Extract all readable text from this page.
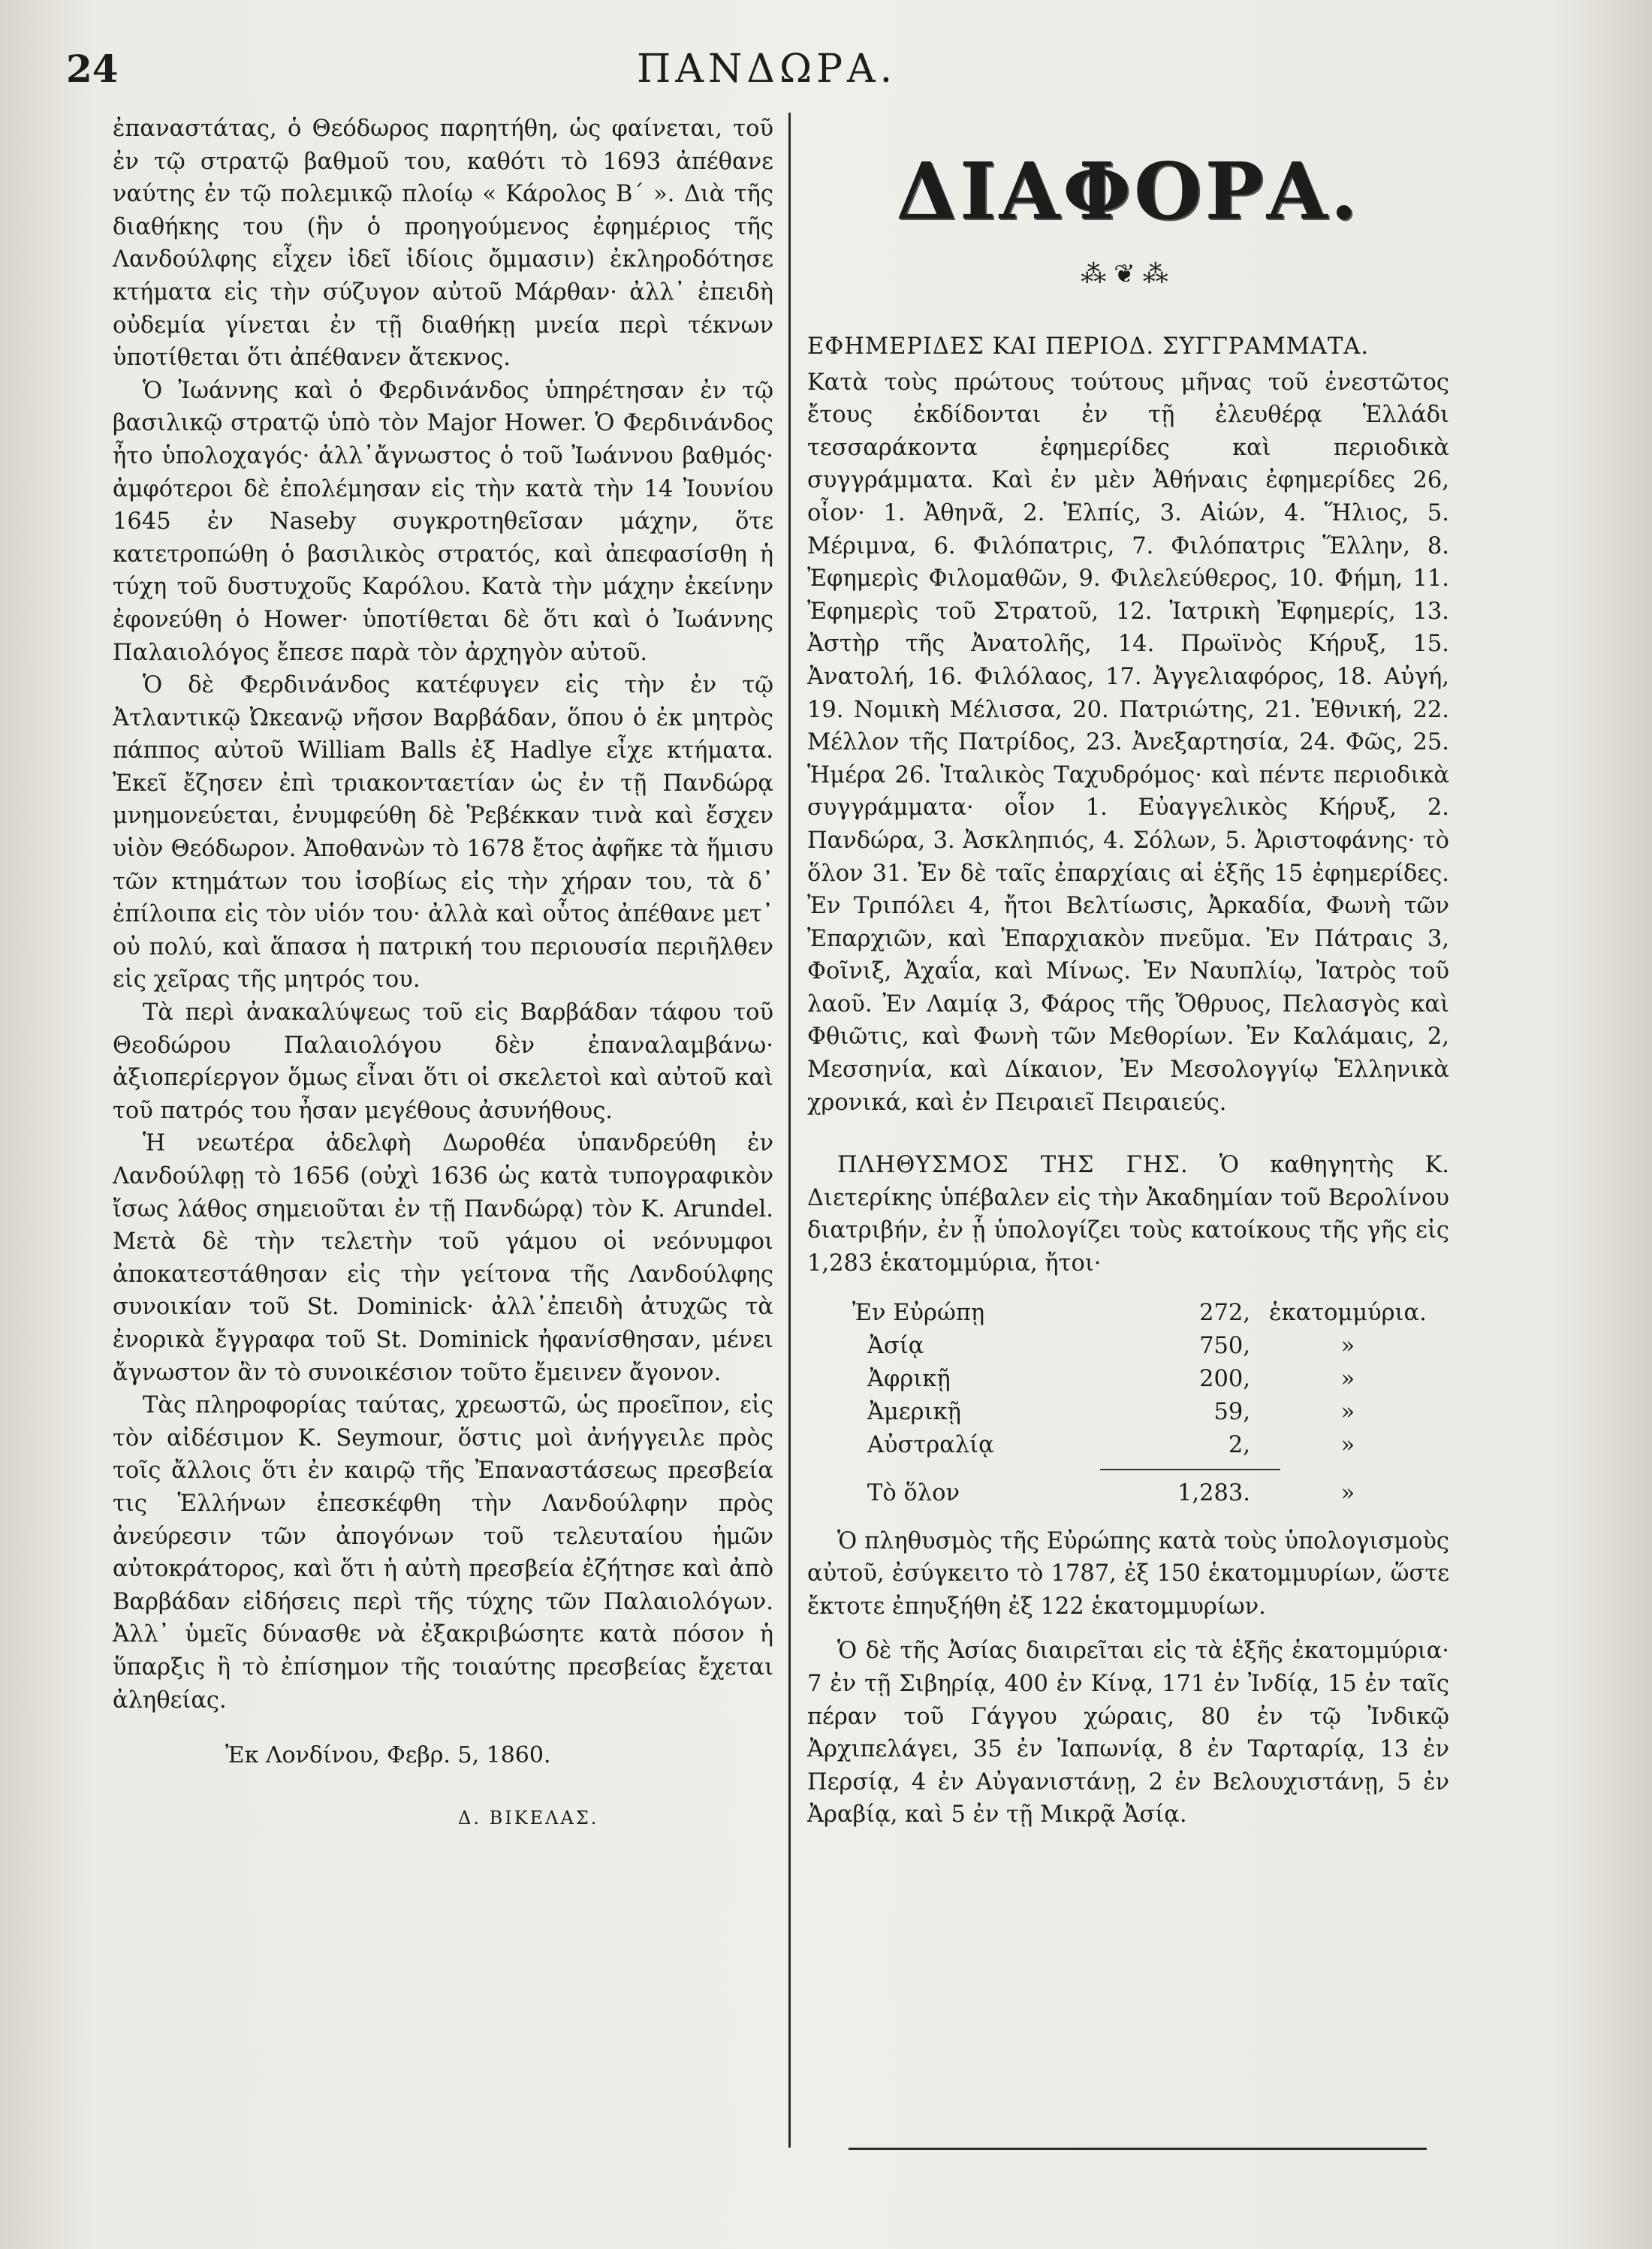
24	ΠΑΝΔΩΡΑ.

ἐπαναστάτας, ὁ Θεόδωρος παρητήθη, ὡς φαίνεται, τοῦ ἐν τῷ στρατῷ βαθμοῦ του, καθότι τὸ 1693 ἀπέθανε ναύτης ἐν τῷ πολεμικῷ πλοίῳ « Κάρολος Β΄ ». Διὰ τῆς διαθήκης του (ἣν ὁ προηγούμενος ἐφημέριος τῆς Λανδούλφης εἶχεν ἰδεῖ ἰδίοις ὄμμασιν) ἐκληροδότησε κτήματα εἰς τὴν σύζυγον αὐτοῦ Μάρθαν· ἀλλ᾽ ἐπειδὴ οὐδεμία γίνεται ἐν τῇ διαθήκῃ μνεία περὶ τέκνων ὑποτίθεται ὅτι ἀπέθανεν ἄτεκνος.

Ὁ Ἰωάννης καὶ ὁ Φερδινάνδος ὑπηρέτησαν ἐν τῷ βασιλικῷ στρατῷ ὑπὸ τὸν Major Hower. Ὁ Φερδινάνδος ἦτο ὑπολοχαγός· ἀλλ᾽ἄγνωστος ὁ τοῦ Ἰωάννου βαθμός· ἀμφότεροι δὲ ἐπολέμησαν εἰς τὴν κατὰ τὴν 14 Ἰουνίου 1645 ἐν Naseby συγκροτηθεῖσαν μάχην, ὅτε κατετροπώθη ὁ βασιλικὸς στρατός, καὶ ἀπεφασίσθη ἡ τύχη τοῦ δυστυχοῦς Καρόλου. Κατὰ τὴν μάχην ἐκείνην ἐφονεύθη ὁ Hower· ὑποτίθεται δὲ ὅτι καὶ ὁ Ἰωάννης Παλαιολόγος ἔπεσε παρὰ τὸν ἀρχηγὸν αὐτοῦ.

Ὁ δὲ Φερδινάνδος κατέφυγεν εἰς τὴν ἐν τῷ Ἀτλαντικῷ Ὠκεανῷ νῆσον Βαρβάδαν, ὅπου ὁ ἐκ μητρὸς πάππος αὐτοῦ William Balls ἐξ Hadlye εἶχε κτήματα. Ἐκεῖ ἔζησεν ἐπὶ τριακονταετίαν ὡς ἐν τῇ Πανδώρᾳ μνημονεύεται, ἐνυμφεύθη δὲ Ῥεβέκκαν τινὰ καὶ ἔσχεν υἱὸν Θεόδωρον. Ἀποθανὼν τὸ 1678 ἔτος ἀφῆκε τὰ ἥμισυ τῶν κτημάτων του ἰσοβίως εἰς τὴν χήραν του, τὰ δ᾽ ἐπίλοιπα εἰς τὸν υἱόν του· ἀλλὰ καὶ οὗτος ἀπέθανε μετ᾽ οὐ πολύ, καὶ ἅπασα ἡ πατρική του περιουσία περιῆλθεν εἰς χεῖρας τῆς μητρός του.

Τὰ περὶ ἀνακαλύψεως τοῦ εἰς Βαρβάδαν τάφου τοῦ Θεοδώρου Παλαιολόγου δὲν ἐπαναλαμβάνω· ἀξιοπερίεργον ὅμως εἶναι ὅτι οἱ σκελετοὶ καὶ αὐτοῦ καὶ τοῦ πατρός του ἦσαν μεγέθους ἀσυνήθους.

Ἡ νεωτέρα ἀδελφὴ Δωροθέα ὑπανδρεύθη ἐν Λανδούλφῃ τὸ 1656 (οὐχὶ 1636 ὡς κατὰ τυπογραφικὸν ἴσως λάθος σημειοῦται ἐν τῇ Πανδώρᾳ) τὸν Κ. Arundel. Μετὰ δὲ τὴν τελετὴν τοῦ γάμου οἱ νεόνυμφοι ἀποκατεστάθησαν εἰς τὴν γείτονα τῆς Λανδούλφης συνοικίαν τοῦ St. Dominick· ἀλλ᾽ἐπειδὴ ἀτυχῶς τὰ ἐνορικὰ ἔγγραφα τοῦ St. Dominick ἠφανίσθησαν, μένει ἄγνωστον ἂν τὸ συνοικέσιον τοῦτο ἔμεινεν ἄγονον.

Τὰς πληροφορίας ταύτας, χρεωστῶ, ὡς προεῖπον, εἰς τὸν αἰδέσιμον Κ. Seymour, ὅστις μοὶ ἀνήγγειλε πρὸς τοῖς ἄλλοις ὅτι ἐν καιρῷ τῆς Ἐπαναστάσεως πρεσβεία τις Ἑλλήνων ἐπεσκέφθη τὴν Λανδούλφην πρὸς ἀνεύρεσιν τῶν ἀπογόνων τοῦ τελευταίου ἡμῶν αὐτοκράτορος, καὶ ὅτι ἡ αὐτὴ πρεσβεία ἐζήτησε καὶ ἀπὸ Βαρβάδαν εἰδήσεις περὶ τῆς τύχης τῶν Παλαιολόγων. Ἀλλ᾽ ὑμεῖς δύνασθε νὰ ἐξακριβώσητε κατὰ πόσον ἡ ὕπαρξις ἢ τὸ ἐπίσημον τῆς τοιαύτης πρεσβείας ἔχεται ἀληθείας.

Ἐκ Λονδίνου, Φεβρ. 5, 1860.
Δ. ΒΙΚΕΛΑΣ.
ΔΙΑΦΟΡΑ.
⁂❦⁂

ΕΦΗΜΕΡΙΔΕΣ ΚΑΙ ΠΕΡΙΟΔ. ΣΥΓΓΡΑΜΜΑΤΑ.

Κατὰ τοὺς πρώτους τούτους μῆνας τοῦ ἐνεστῶτος ἔτους ἐκδίδονται ἐν τῇ ἐλευθέρᾳ Ἑλλάδι τεσσαράκοντα ἐφημερίδες καὶ περιοδικὰ συγγράμματα. Καὶ ἐν μὲν Ἀθήναις ἐφημερίδες 26, οἷον· 1. Ἀθηνᾶ, 2. Ἐλπίς, 3. Αἰών, 4. Ἥλιος, 5. Μέριμνα, 6. Φιλόπατρις, 7. Φιλόπατρις Ἕλλην, 8. Ἐφημερὶς Φιλομαθῶν, 9. Φιλελεύθερος, 10. Φήμη, 11. Ἐφημερὶς τοῦ Στρατοῦ, 12. Ἰατρικὴ Ἐφημερίς, 13. Ἀστὴρ τῆς Ἀνατολῆς, 14. Πρωϊνὸς Κήρυξ, 15. Ἀνατολή, 16. Φιλόλαος, 17. Ἀγγελιαφόρος, 18. Αὐγή, 19. Νομικὴ Μέλισσα, 20. Πατριώτης, 21. Ἐθνική, 22. Μέλλον τῆς Πατρίδος, 23. Ἀνεξαρτησία, 24. Φῶς, 25. Ἡμέρα 26. Ἰταλικὸς Ταχυδρόμος· καὶ πέντε περιοδικὰ συγγράμματα· οἷον 1. Εὐαγγελικὸς Κήρυξ, 2. Πανδώρα, 3. Ἀσκληπιός, 4. Σόλων, 5. Ἀριστοφάνης· τὸ ὅλον 31. Ἐν δὲ ταῖς ἐπαρχίαις αἱ ἑξῆς 15 ἐφημερίδες. Ἐν Τριπόλει 4, ἤτοι Βελτίωσις, Ἀρκαδία, Φωνὴ τῶν Ἐπαρχιῶν, καὶ Ἐπαρχιακὸν πνεῦμα. Ἐν Πάτραις 3, Φοῖνιξ, Ἀχαΐα, καὶ Μίνως. Ἐν Ναυπλίῳ, Ἰατρὸς τοῦ λαοῦ. Ἐν Λαμίᾳ 3, Φάρος τῆς Ὄθρυος, Πελασγὸς καὶ Φθιῶτις, καὶ Φωνὴ τῶν Μεθορίων. Ἐν Καλάμαις, 2, Μεσσηνία, καὶ Δίκαιον, Ἐν Μεσολογγίῳ Ἑλληνικὰ χρονικά, καὶ ἐν Πειραιεῖ Πειραιεύς.

ΠΛΗΘΥΣΜΟΣ ΤΗΣ ΓΗΣ. Ὁ καθηγητὴς Κ. Διετερίκης ὑπέβαλεν εἰς τὴν Ἀκαδημίαν τοῦ Βερολίνου διατριβήν, ἐν ᾗ ὑπολογίζει τοὺς κατοίκους τῆς γῆς εἰς 1,283 ἑκατομμύρια, ἤτοι·

Ἐν Εὐρώπῃ	272,	ἑκατομμύρια.
Ἀσίᾳ	750,	»
Ἀφρικῇ	200,	»
Ἀμερικῇ	59,	»
Αὐστραλίᾳ	2,	»

Τὸ ὅλον	1,283.	»

Ὁ πληθυσμὸς τῆς Εὐρώπης κατὰ τοὺς ὑπολογισμοὺς αὐτοῦ, ἐσύγκειτο τὸ 1787, ἐξ 150 ἑκατομμυρίων, ὥστε ἔκτοτε ἐπηυξήθη ἐξ 122 ἑκατομμυρίων.

Ὁ δὲ τῆς Ἀσίας διαιρεῖται εἰς τὰ ἑξῆς ἑκατομμύρια· 7 ἐν τῇ Σιβηρίᾳ, 400 ἐν Κίνᾳ, 171 ἐν Ἰνδίᾳ, 15 ἐν ταῖς πέραν τοῦ Γάγγου χώραις, 80 ἐν τῷ Ἰνδικῷ Ἀρχιπελάγει, 35 ἐν Ἰαπωνίᾳ, 8 ἐν Ταρταρίᾳ, 13 ἐν Περσίᾳ, 4 ἐν Αὐγανιστάνῃ, 2 ἐν Βελουχιστάνῃ, 5 ἐν Ἀραβίᾳ, καὶ 5 ἐν τῇ Μικρᾷ Ἀσίᾳ.
